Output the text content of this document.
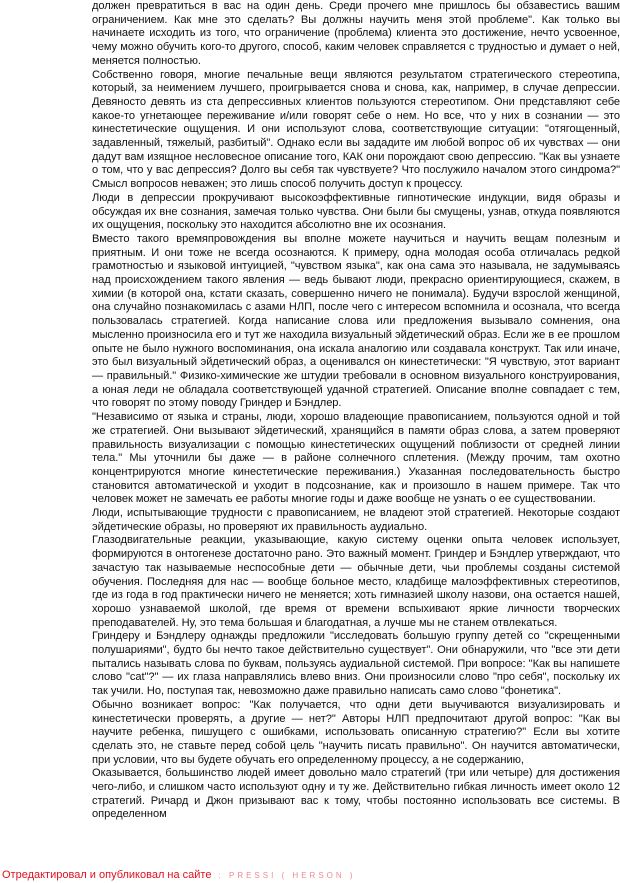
должен превратиться в вас на один день. Среди прочего мне пришлось бы обзавестись вашим ограничением. Как мне это сделать? Вы должны научить меня этой проблеме". Как только вы начинаете исходить из того, что ограничение (проблема) клиента это достижение, нечто усвоенное, чему можно обучить кого-то другого, способ, каким человек справляется с трудностью и думает о ней, меняется полностью.

Собственно говоря, многие печальные вещи являются результатом стратегического стереотипа, который, за неимением лучшего, проигрывается снова и снова, как, например, в случае депрессии. Девяносто девять из ста депрессивных клиентов пользуются стереотипом. Они представляют себе какое-то угнетающее переживание и/или говорят себе о нем. Но все, что у них в сознании — это кинестетические ощущения. И они используют слова, соответствующие ситуации: "отягощенный, задавленный, тяжелый, разбитый". Однако если вы зададите им любой вопрос об их чувствах — они дадут вам изящное несловесное описание того, КАК они порождают свою депрессию. "Как вы узнаете о том, что у вас депрессия? Долго вы себя так чувствуете? Что послужило началом этого синдрома?" Смысл вопросов неважен; это лишь способ получить доступ к процессу.

Люди в депрессии прокручивают высокоэффективные гипнотические индукции, видя образы и обсуждая их вне сознания, замечая только чувства. Они были бы смущены, узнав, откуда появляются их ощущения, поскольку это находится абсолютно вне их осознания.

Вместо такого времяпровождения вы вполне можете научиться и научить вещам полезным и приятным. И они тоже не всегда осознаются. К примеру, одна молодая особа отличалась редкой грамотностью и языковой интуицией, "чувством языка", как она сама это называла, не задумываясь над происхождением такого явления — ведь бывают люди, прекрасно ориентирующиеся, скажем, в химии (в которой она, кстати сказать, совершенно ничего не понимала). Будучи взрослой женщиной, она случайно познакомилась с азами НЛП, после чего с интересом вспомнила и осознала, что всегда пользовалась стратегией. Когда написание слова или предложения вызывало сомнения, она мысленно произносила его и тут же находила визуальный эйдетический образ. Если же в ее прошлом опыте не было нужного воспоминания, она искала аналогию или создавала конструкт. Так или иначе, это был визуальный эйдетический образ, а оценивался он кинестетически: "Я чувствую, этот вариант — правильный." Физико-химические же штудии требовали в основном визуального конструирования, а юная леди не обладала соответствующей удачной стратегией. Описание вполне совпадает с тем, что говорят по этому поводу Гриндер и Бэндлер.

"Независимо от языка и страны, люди, хорошо владеющие правописанием, пользуются одной и той же стратегией. Они вызывают эйдетический, хранящийся в памяти образ слова, а затем проверяют правильность визуализации с помощью кинестетических ощущений поблизости от средней линии тела." Мы уточнили бы даже — в районе солнечного сплетения. (Между прочим, там охотно концентрируются многие кинестетические переживания.) Указанная последовательность быстро становится автоматической и уходит в подсознание, как и произошло в нашем примере. Так что человек может не замечать ее работы многие годы и даже вообще не узнать о ее существовании.

Люди, испытывающие трудности с правописанием, не владеют этой стратегией. Некоторые создают эйдетические образы, но проверяют их правильность аудиально.

Глазодвигательные реакции, указывающие, какую систему оценки опыта человек использует, формируются в онтогенезе достаточно рано. Это важный момент. Гриндер и Бэндлер утверждают, что зачастую так называемые неспособные дети — обычные дети, чьи проблемы созданы системой обучения. Последняя для нас — вообще больное место, кладбище малоэффективных стереотипов, где из года в год практически ничего не меняется; хоть гимназией школу назови, она остается нашей, хорошо узнаваемой школой, где время от времени вспыхивают яркие личности творческих преподавателей. Ну, это тема большая и благодатная, а лучше мы не станем отвлекаться.

Гриндеру и Бэндлеру однажды предложили "исследовать большую группу детей со "скрещенными полушариями", будто бы нечто такое действительно существует". Они обнаружили, что "все эти дети пытались называть слова по буквам, пользуясь аудиальной системой. При вопросе: "Как вы напишете слово "cat"?" — их глаза направлялись влево вниз. Они произносили слово "про себя", поскольку их так учили. Но, поступая так, невозможно даже правильно написать само слово "фонетика".

Обычно возникает вопрос: "Как получается, что одни дети выучиваются визуализировать и кинестетически проверять, а другие — нет?" Авторы НЛП предпочитают другой вопрос: "Как вы научите ребенка, пишущего с ошибками, использовать описанную стратегию?" Если вы хотите сделать это, не ставьте перед собой цель "научить писать правильно". Он научится автоматически, при условии, что вы будете обучать его определенному процессу, а не содержанию,

Оказывается, большинство людей имеет довольно мало стратегий (три или четыре) для достижения чего-либо, и слишком часто используют одну и ту же. Действительно гибкая личность имеет около 12 стратегий. Ричард и Джон призывают вас к тому, чтобы постоянно использовать все системы. В определенном

Отредактировал и опубликовал на сайте : PRESSI ( HERSON )
